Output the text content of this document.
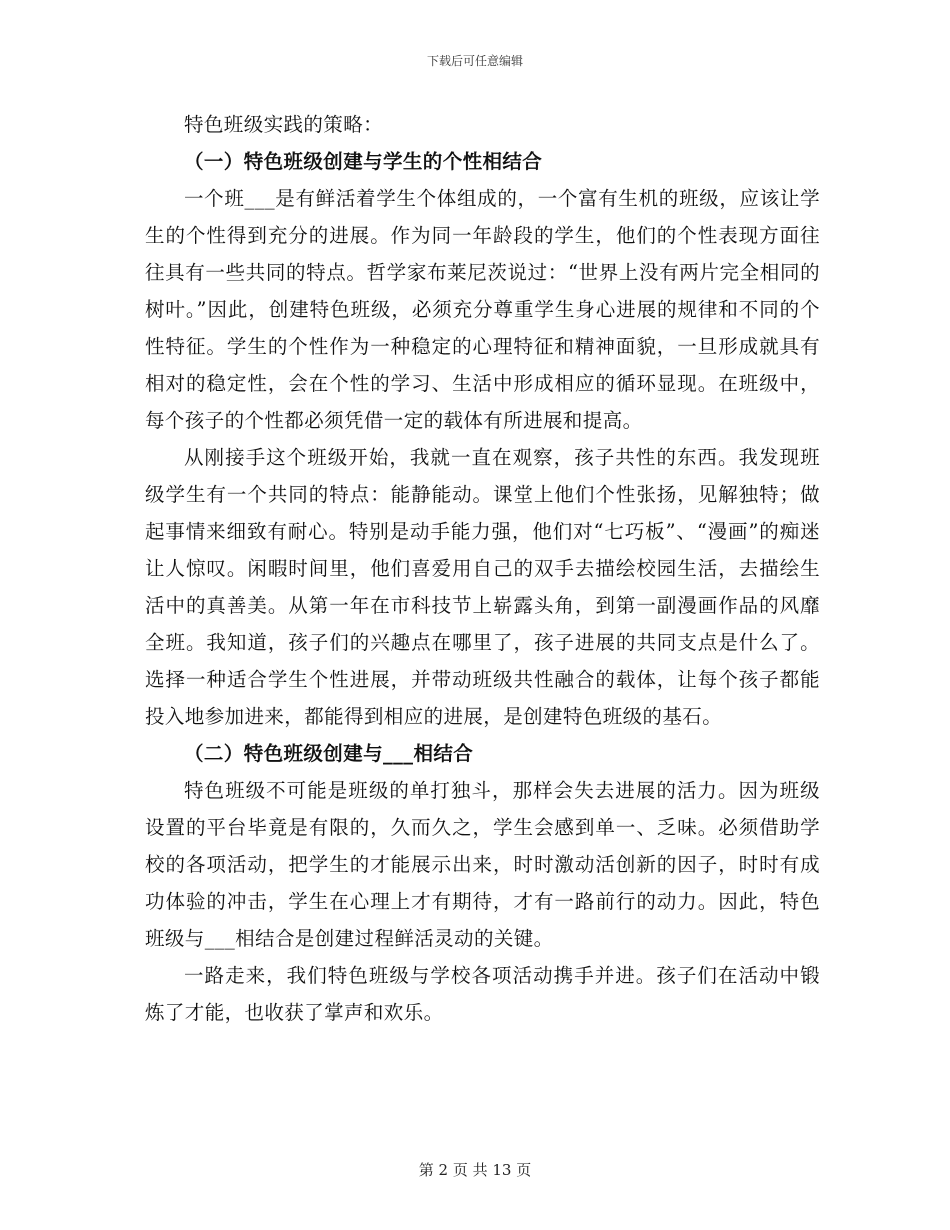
下载后可任意编辑

特色班级实践的策略：

（一）特色班级创建与学生的个性相结合

一个班___是有鲜活着学生个体组成的，一个富有生机的班级，应该让学生的个性得到充分的进展。作为同一年龄段的学生，他们的个性表现方面往往具有一些共同的特点。哲学家布莱尼茨说过：“世界上没有两片完全相同的树叶。”因此，创建特色班级，必须充分尊重学生身心进展的规律和不同的个性特征。学生的个性作为一种稳定的心理特征和精神面貌，一旦形成就具有相对的稳定性，会在个性的学习、生活中形成相应的循环显现。在班级中，每个孩子的个性都必须凭借一定的载体有所进展和提高。

从刚接手这个班级开始，我就一直在观察，孩子共性的东西。我发现班级学生有一个共同的特点：能静能动。课堂上他们个性张扬，见解独特；做起事情来细致有耐心。特别是动手能力强，他们对“七巧板”、“漫画”的痴迷让人惊叹。闲暇时间里，他们喜爱用自己的双手去描绘校园生活，去描绘生活中的真善美。从第一年在市科技节上崭露头角，到第一副漫画作品的风靡全班。我知道，孩子们的兴趣点在哪里了，孩子进展的共同支点是什么了。选择一种适合学生个性进展，并带动班级共性融合的载体，让每个孩子都能投入地参加进来，都能得到相应的进展，是创建特色班级的基石。

（二）特色班级创建与___相结合

特色班级不可能是班级的单打独斗，那样会失去进展的活力。因为班级设置的平台毕竟是有限的，久而久之，学生会感到单一、乏味。必须借助学校的各项活动，把学生的才能展示出来，时时激动活创新的因子，时时有成功体验的冲击，学生在心理上才有期待，才有一路前行的动力。因此，特色班级与___相结合是创建过程鲜活灵动的关键。

一路走来，我们特色班级与学校各项活动携手并进。孩子们在活动中锻炼了才能，也收获了掌声和欢乐。

第 2 页 共 13 页
